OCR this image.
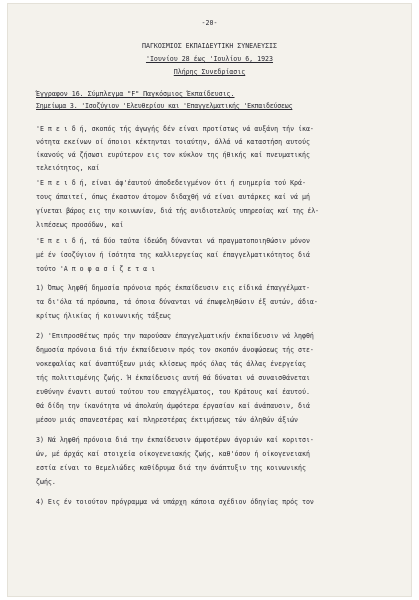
-20-
ΠΑΓΚΟΣΜΙΟΣ ΕΚΠΑΙΔΕΥΤΙΚΗ ΣΥΝΕΛΕΥΣΙΣ
'Ιουνίου 28 έως 'Ιουλίου 6, 1923
Πλήρης Συνεδρίασις
Έγγραφον 16. Σύμπλεγμα "F" Παγκόσμιος Έκπαίδευσις.
Σημείωμα 3. 'Ισοζύγιον 'Ελευθερίου και 'Επαγγελματικής 'Εκπαιδεύσεως
'Ε π ε ι δ ή, σκοπός τής άγωγής δέν είναι προτίστως νά αυξάνη τήν ίκα-
νότητα εκείνων οί όποιοι κέκτηνται τοιαύτην, άλλά νά καταστήση αυτούς
ίκανούς νά ζήσωσι ευρύτερον εις τον κύκλον της ήθικής καί πνευματικής
τελειότητος, καί
'Ε π ε ι δ ή, είναι άφ'έαυτού άποδεδειγμένον ότι ή ευημερία τού Κρά-
τους άπαιτεί, όπως έκαστον άτομον διδαχθή νά είναι αυτάρκες καί νά μή
γίνεται βάρος εις την κοινωνίαν, διά τής ανιδιοτελούς υπηρεσίας καί της έλ-
λιπέσεως προσόδων, καί
'Ε π ε ι δ ή, τά δύο ταύτα ίδεώδη δύνανται νά πραγματοποιηθώσιν μόνον
μέ έν ίσοζύγιον ή ίσότητα της καλλιεργείας καί έπαγγελματικότητος διά
τούτο 'Α π ο φ α σ ί ζ ε τ α ι
1) Όπως ληφθή δημοσία πρόνοια πρός έκπαίδευσιν εις είδικά έπαγγέλματ-
τα δι'όλα τά πρόσωπα, τά όποια δύνανται νά έπωφεληθώσιν έξ αυτών, άδια-
κρίτως ήλικίας ή κοινωνικής τάξεως
2) 'Επιπροσθέτως πρός την παρούσαν έπαγγελματικήν έκπαίδευσιν νά ληφθή
δημοσία πρόνοια διά τήν έκπαίδευσιν πρός τον σκοπόν άνοψώσεως τής στε-
νοκεφαλίας καί άναπτύξεων μιάς κλίσεως πρός όλας τάς άλλας ένεργείας
τής πολιτισμένης ζωής. Ή έκπαίδευσις αυτή θά δύναται νά συναισθάνεται
ευθύνην έναντι αυτού τούτου του επαγγέλματος, του Κράτους καί έαυτού.
Θά δίδη την ίκανότητα νά άπολαύη άμφότερα έργασίαν καί άνάπαυσιν, διά
μέσου μιάς σπανεστέρας καί πληρεστέρας έκτιμήσεως τών άληθών άξιών
3) Νά ληφθή πρόνοια διά την έκπαίδευσιν άμφοτέρων άγοριών καί κοριτσι-
ών, μέ άρχάς καί στοιχεία οίκογενειακής ζωής, καθ'όσον ή οίκογενειακή
εστία είναι το θεμελιώδες καθίδρυμα διά την άνάπτυξιν της κοινωνικής
ζωής.
4) Εις έν τοιούτον πρόγραμμα νά υπάρχη κάποια σχέδιον όδηγίας πρός τον
